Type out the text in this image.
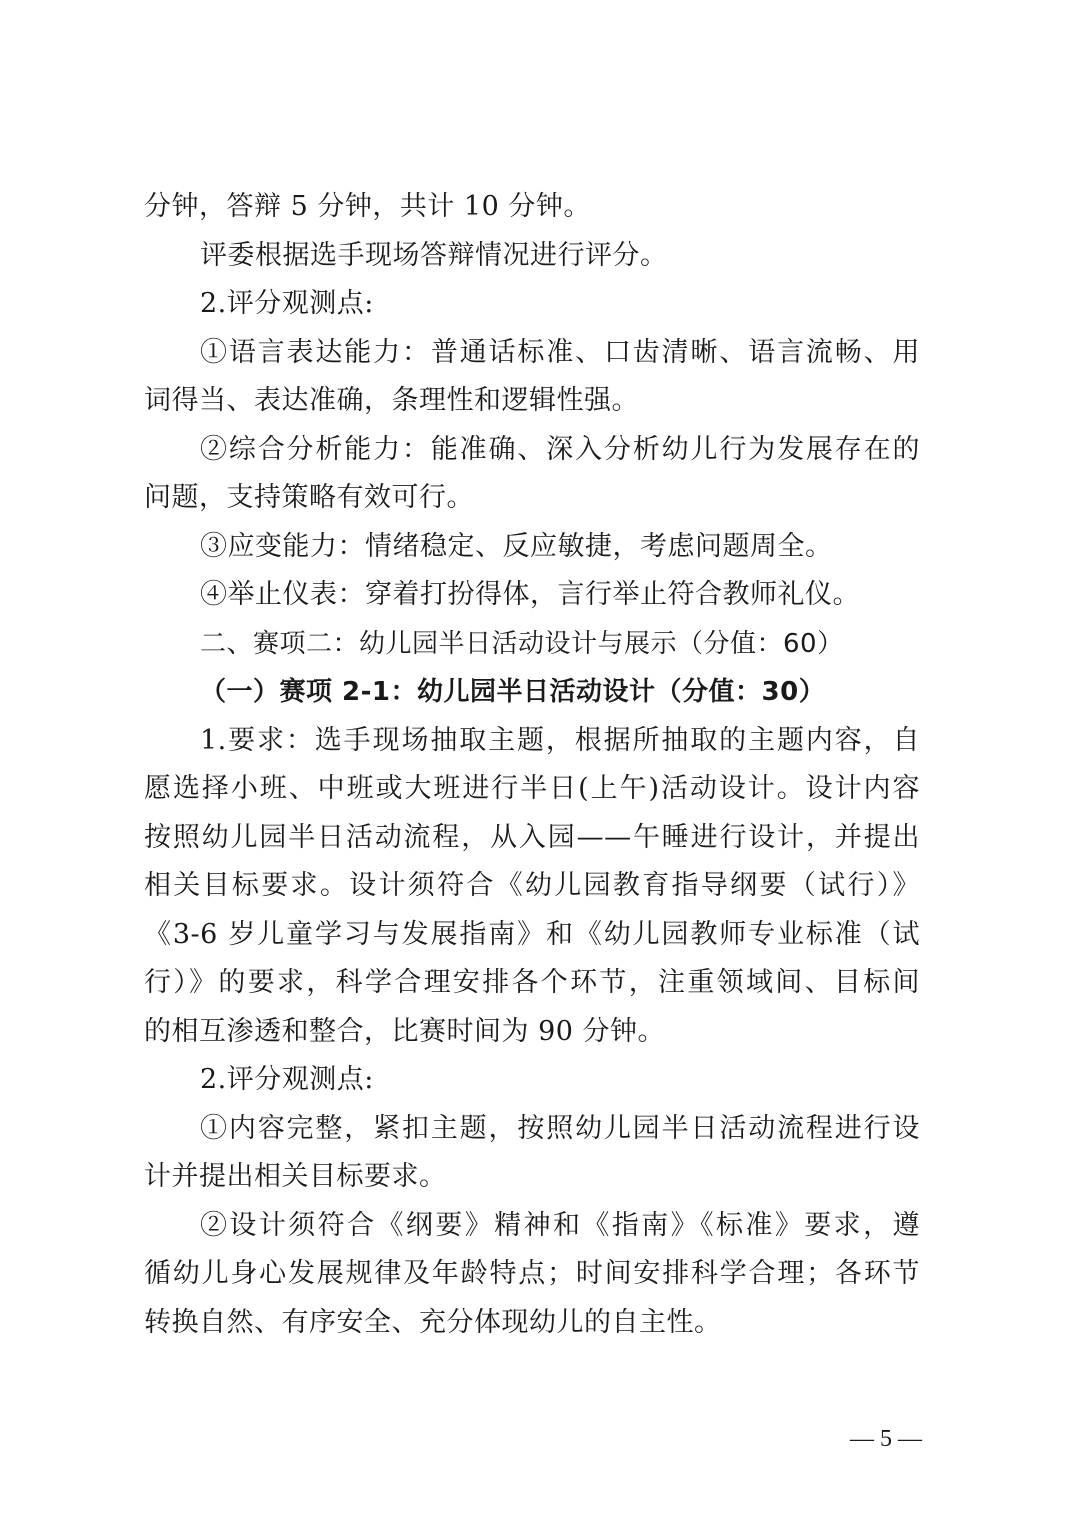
分钟，答辩 5 分钟，共计 10 分钟。
评委根据选手现场答辩情况进行评分。
2.评分观测点:
①语言表达能力：普通话标准、口齿清晰、语言流畅、用
词得当、表达准确，条理性和逻辑性强。
②综合分析能力：能准确、深入分析幼儿行为发展存在的
问题，支持策略有效可行。
③应变能力：情绪稳定、反应敏捷，考虑问题周全。
④举止仪表：穿着打扮得体，言行举止符合教师礼仪。
二、赛项二：幼儿园半日活动设计与展示（分值：60）
（一）赛项 2-1：幼儿园半日活动设计（分值：30）
1.要求：选手现场抽取主题，根据所抽取的主题内容，自
愿选择小班、中班或大班进行半日(上午)活动设计。设计内容
按照幼儿园半日活动流程，从入园——午睡进行设计，并提出
相关目标要求。设计须符合《幼儿园教育指导纲要（试行）》
《3-6 岁儿童学习与发展指南》和《幼儿园教师专业标准（试
行）》的要求，科学合理安排各个环节，注重领域间、目标间
的相互渗透和整合，比赛时间为 90 分钟。
2.评分观测点:
①内容完整，紧扣主题，按照幼儿园半日活动流程进行设
计并提出相关目标要求。
②设计须符合《纲要》精神和《指南》《标准》要求，遵
循幼儿身心发展规律及年龄特点；时间安排科学合理；各环节
转换自然、有序安全、充分体现幼儿的自主性。
— 5 —
